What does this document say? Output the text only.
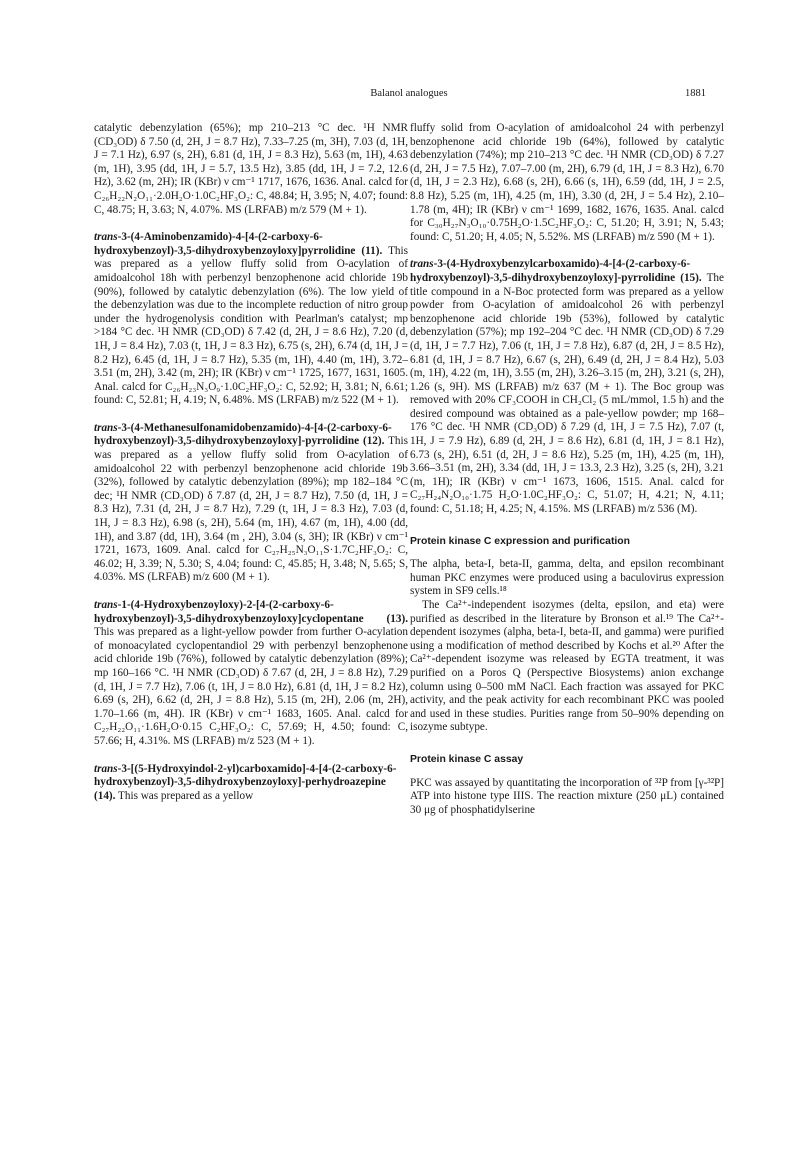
Balanol analogues	1881

catalytic debenzylation (65%); mp 210–213 °C dec. ¹H NMR (CD₃OD) δ 7.50 (d, 2H, J = 8.7 Hz), 7.33–7.25 (m, 3H), 7.03 (d, 1H, J = 7.1 Hz), 6.97 (s, 2H), 6.81 (d, 1H, J = 8.3 Hz), 5.63 (m, 1H), 4.63 (m, 1H), 3.95 (dd, 1H, J = 5.7, 13.5 Hz), 3.85 (dd, 1H, J = 7.2, 12.6 Hz), 3.62 (m, 2H); IR (KBr) ν cm⁻¹ 1717, 1676, 1636. Anal. calcd for C₂₆H₂₂N₂O₁₁·2.0H₂O·1.0C₂HF₃O₂: C, 48.84; H, 3.95; N, 4.07; found: C, 48.75; H, 3.63; N, 4.07%. MS (LRFAB) m/z 579 (M + 1).

trans-3-(4-Aminobenzamido)-4-[4-(2-carboxy-6-hydroxybenzoyl)-3,5-dihydroxybenzoyloxy]pyrrolidine (11). This was prepared as a yellow fluffy solid from O-acylation of amidoalcohol 18h with perbenzyl benzophenone acid chloride 19b (90%), followed by catalytic debenzylation (6%). The low yield of the debenzylation was due to the incomplete reduction of nitro group under the hydrogenolysis condition with Pearlman's catalyst; mp >184 °C dec. ¹H NMR (CD₃OD) δ 7.42 (d, 2H, J = 8.6 Hz), 7.20 (d, 1H, J = 8.4 Hz), 7.03 (t, 1H, J = 8.3 Hz), 6.75 (s, 2H), 6.74 (d, 1H, J = 8.2 Hz), 6.45 (d, 1H, J = 8.7 Hz), 5.35 (m, 1H), 4.40 (m, 1H), 3.72–3.51 (m, 2H), 3.42 (m, 2H); IR (KBr) ν cm⁻¹ 1725, 1677, 1631, 1605. Anal. calcd for C₂₆H₂₃N₃O₉·1.0C₂HF₃O₂: C, 52.92; H, 3.81; N, 6.61; found: C, 52.81; H, 4.19; N, 6.48%. MS (LRFAB) m/z 522 (M + 1).

trans-3-(4-Methanesulfonamidobenzamido)-4-[4-(2-carboxy-6-hydroxybenzoyl)-3,5-dihydroxybenzoyloxy]-pyrrolidine (12). This was prepared as a yellow fluffy solid from O-acylation of amidoalcohol 22 with perbenzyl benzophenone acid chloride 19b (32%), followed by catalytic debenzylation (89%); mp 182–184 °C dec; ¹H NMR (CD₃OD) δ 7.87 (d, 2H, J = 8.7 Hz), 7.50 (d, 1H, J = 8.3 Hz), 7.31 (d, 2H, J = 8.7 Hz), 7.29 (t, 1H, J = 8.3 Hz), 7.03 (d, 1H, J = 8.3 Hz), 6.98 (s, 2H), 5.64 (m, 1H), 4.67 (m, 1H), 4.00 (dd, 1H), and 3.87 (dd, 1H), 3.64 (m , 2H), 3.04 (s, 3H); IR (KBr) ν cm⁻¹ 1721, 1673, 1609. Anal. calcd for C₂₇H₂₅N₃O₁₁S·1.7C₂HF₃O₂: C, 46.02; H, 3.39; N, 5.30; S, 4.04; found: C, 45.85; H, 3.48; N, 5.65; S, 4.03%. MS (LRFAB) m/z 600 (M + 1).

trans-1-(4-Hydroxybenzoyloxy)-2-[4-(2-carboxy-6-hydroxybenzoyl)-3,5-dihydroxybenzoyloxy]cyclopentane (13). This was prepared as a light-yellow powder from further O-acylation of monoacylated cyclopentandiol 29 with perbenzyl benzophenone acid chloride 19b (76%), followed by catalytic debenzylation (89%); mp 160–166 °C. ¹H NMR (CD₃OD) δ 7.67 (d, 2H, J = 8.8 Hz), 7.29 (d, 1H, J = 7.7 Hz), 7.06 (t, 1H, J = 8.0 Hz), 6.81 (d, 1H, J = 8.2 Hz), 6.69 (s, 2H), 6.62 (d, 2H, J = 8.8 Hz), 5.15 (m, 2H), 2.06 (m, 2H), 1.70–1.66 (m, 4H). IR (KBr) ν cm⁻¹ 1683, 1605. Anal. calcd for C₂₇H₂₂O₁₁·1.6H₂O·0.15 C₂HF₃O₂: C, 57.69; H, 4.50; found: C, 57.66; H, 4.31%. MS (LRFAB) m/z 523 (M + 1).

trans-3-[(5-Hydroxyindol-2-yl)carboxamido]-4-[4-(2-carboxy-6-hydroxybenzoyl)-3,5-dihydroxybenzoyloxy]-perhydroazepine (14). This was prepared as a yellow

fluffy solid from O-acylation of amidoalcohol 24 with perbenzyl benzophenone acid chloride 19b (64%), followed by catalytic debenzylation (74%); mp 210–213 °C dec. ¹H NMR (CD₃OD) δ 7.27 (d, 2H, J = 7.5 Hz), 7.07–7.00 (m, 2H), 6.79 (d, 1H, J = 8.3 Hz), 6.70 (d, 1H, J = 2.3 Hz), 6.68 (s, 2H), 6.66 (s, 1H), 6.59 (dd, 1H, J = 2.5, 8.8 Hz), 5.25 (m, 1H), 4.25 (m, 1H), 3.30 (d, 2H, J = 5.4 Hz), 2.10–1.78 (m, 4H); IR (KBr) ν cm⁻¹ 1699, 1682, 1676, 1635. Anal. calcd for C₃₀H₂₇N₃O₁₀·0.75H₂O·1.5C₂HF₃O₂: C, 51.20; H, 3.91; N, 5.43; found: C, 51.20; H, 4.05; N, 5.52%. MS (LRFAB) m/z 590 (M + 1).

trans-3-(4-Hydroxybenzylcarboxamido)-4-[4-(2-carboxy-6-hydroxybenzoyl)-3,5-dihydroxybenzoyloxy]-pyrrolidine (15). The title compound in a N-Boc protected form was prepared as a yellow powder from O-acylation of amidoalcohol 26 with perbenzyl benzophenone acid chloride 19b (53%), followed by catalytic debenzylation (57%); mp 192–204 °C dec. ¹H NMR (CD₃OD) δ 7.29 (d, 1H, J = 7.7 Hz), 7.06 (t, 1H, J = 7.8 Hz), 6.87 (d, 2H, J = 8.5 Hz), 6.81 (d, 1H, J = 8.7 Hz), 6.67 (s, 2H), 6.49 (d, 2H, J = 8.4 Hz), 5.03 (m, 1H), 4.22 (m, 1H), 3.55 (m, 2H), 3.26–3.15 (m, 2H), 3.21 (s, 2H), 1.26 (s, 9H). MS (LRFAB) m/z 637 (M + 1). The Boc group was removed with 20% CF₃COOH in CH₂Cl₂ (5 mL/mmol, 1.5 h) and the desired compound was obtained as a pale-yellow powder; mp 168–176 °C dec. ¹H NMR (CD₃OD) δ 7.29 (d, 1H, J = 7.5 Hz), 7.07 (t, 1H, J = 7.9 Hz), 6.89 (d, 2H, J = 8.6 Hz), 6.81 (d, 1H, J = 8.1 Hz), 6.73 (s, 2H), 6.51 (d, 2H, J = 8.6 Hz), 5.25 (m, 1H), 4.25 (m, 1H), 3.66–3.51 (m, 2H), 3.34 (dd, 1H, J = 13.3, 2.3 Hz), 3.25 (s, 2H), 3.21 (m, 1H); IR (KBr) ν cm⁻¹ 1673, 1606, 1515. Anal. calcd for C₂₇H₂₄N₂O₁₀·1.75 H₂O·1.0C₂HF₃O₂: C, 51.07; H, 4.21; N, 4.11; found: C, 51.18; H, 4.25; N, 4.15%. MS (LRFAB) m/z 536 (M).

Protein kinase C expression and purification

The alpha, beta-I, beta-II, gamma, delta, and epsilon recombinant human PKC enzymes were produced using a baculovirus expression system in SF9 cells.¹⁸

The Ca²⁺-independent isozymes (delta, epsilon, and eta) were purified as described in the literature by Bronson et al.¹⁹ The Ca²⁺-dependent isozymes (alpha, beta-I, beta-II, and gamma) were purified using a modification of method described by Kochs et al.²⁰ After the Ca²⁺-dependent isozyme was released by EGTA treatment, it was purified on a Poros Q (Perspective Biosystems) anion exchange column using 0–500 mM NaCl. Each fraction was assayed for PKC activity, and the peak activity for each recombinant PKC was pooled and used in these studies. Purities range from 50–90% depending on isozyme subtype.

Protein kinase C assay

PKC was assayed by quantitating the incorporation of ³²P from [γ-³²P] ATP into histone type IIIS. The reaction mixture (250 μL) contained 30 μg of phosphatidylserine
